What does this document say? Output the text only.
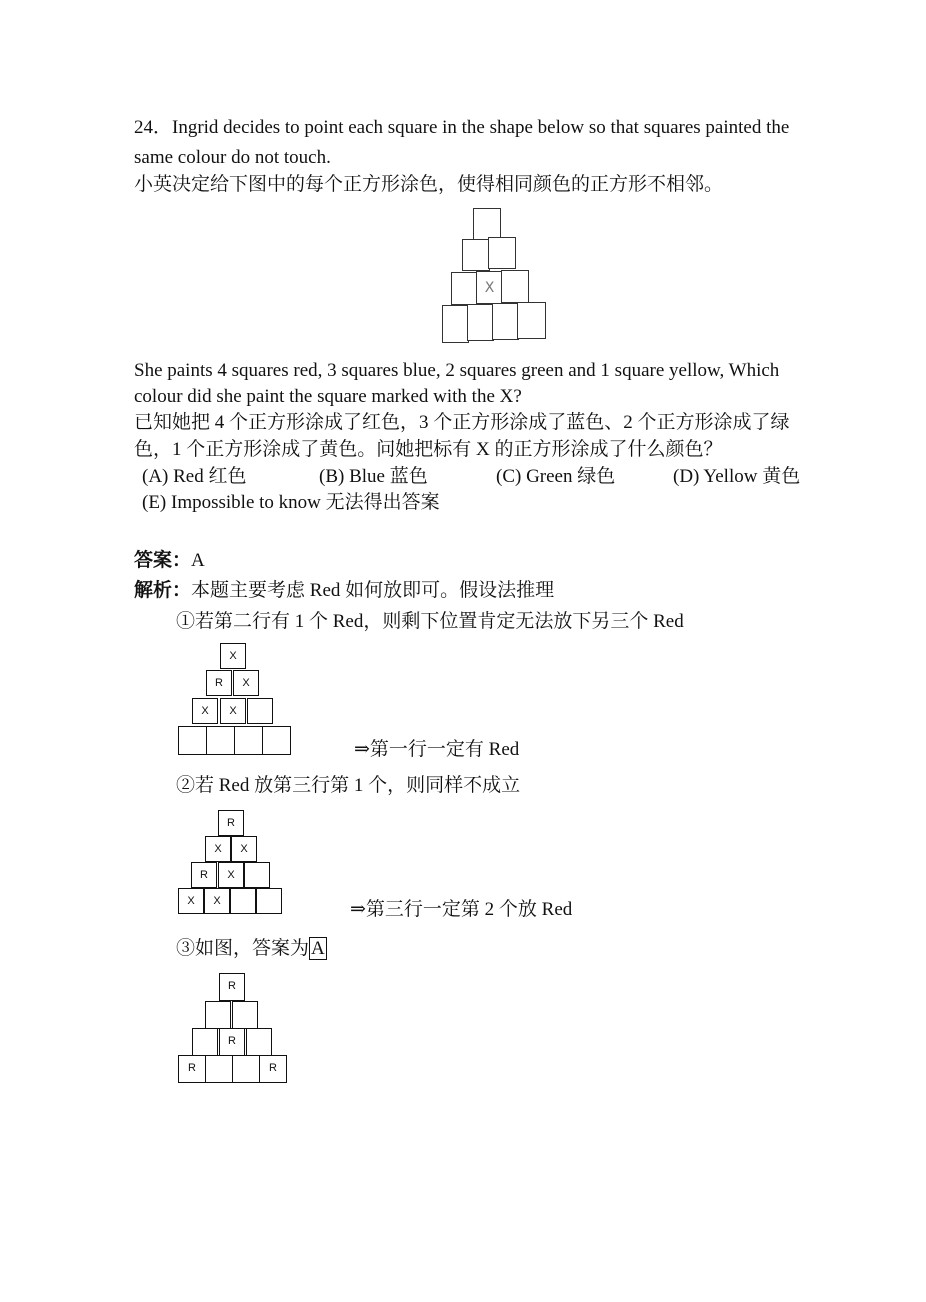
24．Ingrid decides to point each square in the shape below so that squares painted the
same colour do not touch.
小英决定给下图中的每个正方形涂色，使得相同颜色的正方形不相邻。
X
She paints 4 squares red, 3 squares blue, 2 squares green and 1 square yellow, Which
colour did she paint the square marked with the X?
已知她把 4 个正方形涂成了红色，3 个正方形涂成了蓝色、2 个正方形涂成了绿
色，1 个正方形涂成了黄色。问她把标有 X 的正方形涂成了什么颜色？
(A) Red 红色	(B) Blue 蓝色	(C) Green 绿色	(D) Yellow 黄色
(E) Impossible to know 无法得出答案
答案：A
解析：本题主要考虑 Red 如何放即可。假设法推理
①若第二行有 1 个 Red，则剩下位置肯定无法放下另三个 Red
X
R	X
X	X
⇒第一行一定有 Red
②若 Red 放第三行第 1 个，则同样不成立
R
X	X
R	X
X	X	⇒第三行一定第 2 个放 Red
③如图，答案为 A
R
R
R	R
